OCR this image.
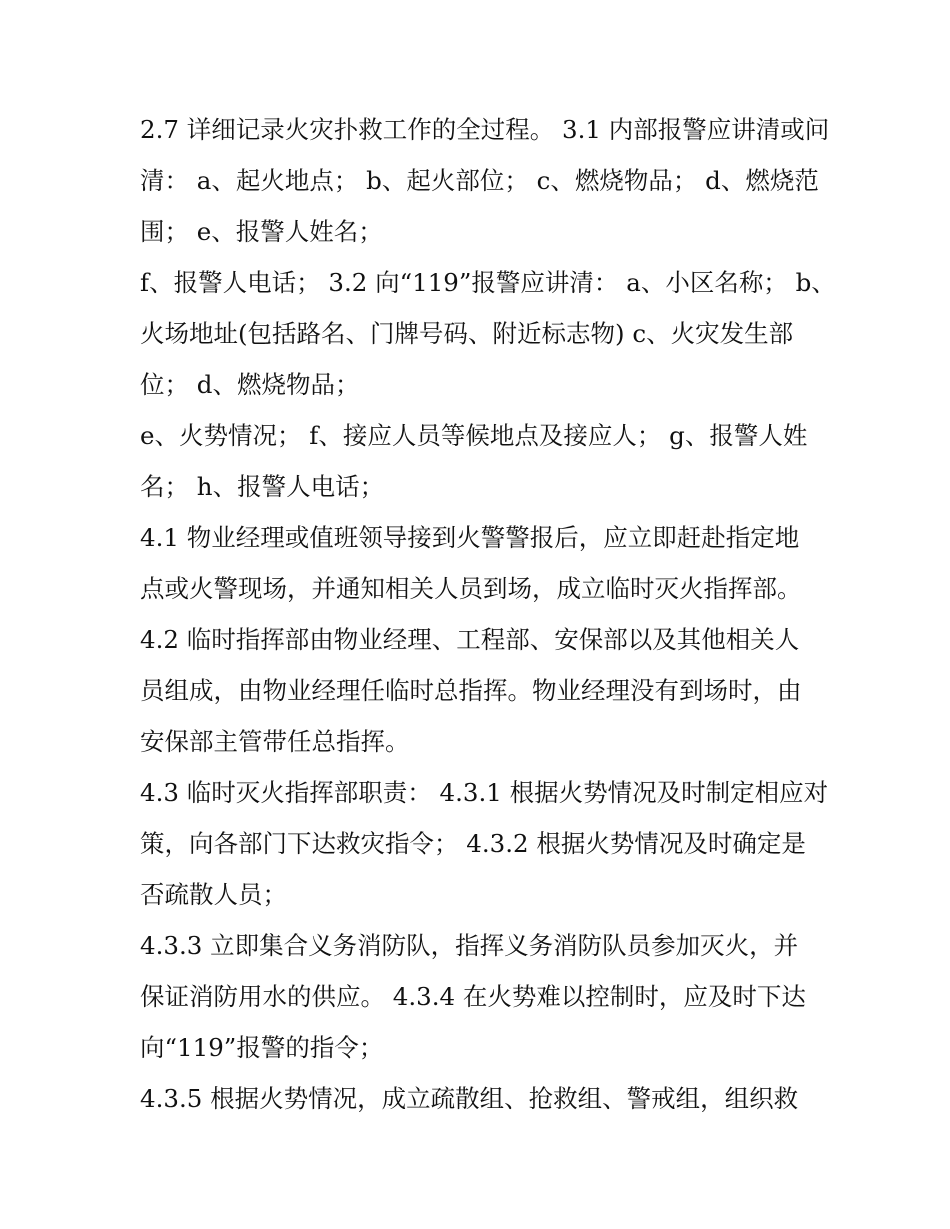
2.7 详细记录火灾扑救工作的全过程。 3.1 内部报警应讲清或问
清： a、起火地点； b、起火部位； c、燃烧物品； d、燃烧范
围； e、报警人姓名；

f、报警人电话； 3.2 向“119”报警应讲清： a、小区名称； b、
火场地址(包括路名、门牌号码、附近标志物) c、火灾发生部
位； d、燃烧物品；

e、火势情况； f、接应人员等候地点及接应人； g、报警人姓
名； h、报警人电话；

4.1 物业经理或值班领导接到火警警报后，应立即赶赴指定地
点或火警现场，并通知相关人员到场，成立临时灭火指挥部。

4.2 临时指挥部由物业经理、工程部、安保部以及其他相关人
员组成，由物业经理任临时总指挥。物业经理没有到场时，由
安保部主管带任总指挥。

4.3 临时灭火指挥部职责： 4.3.1 根据火势情况及时制定相应对
策，向各部门下达救灾指令； 4.3.2 根据火势情况及时确定是
否疏散人员；

4.3.3 立即集合义务消防队，指挥义务消防队员参加灭火，并
保证消防用水的供应。 4.3.4 在火势难以控制时，应及时下达
向“119”报警的指令；

4.3.5 根据火势情况，成立疏散组、抢救组、警戒组，组织救
